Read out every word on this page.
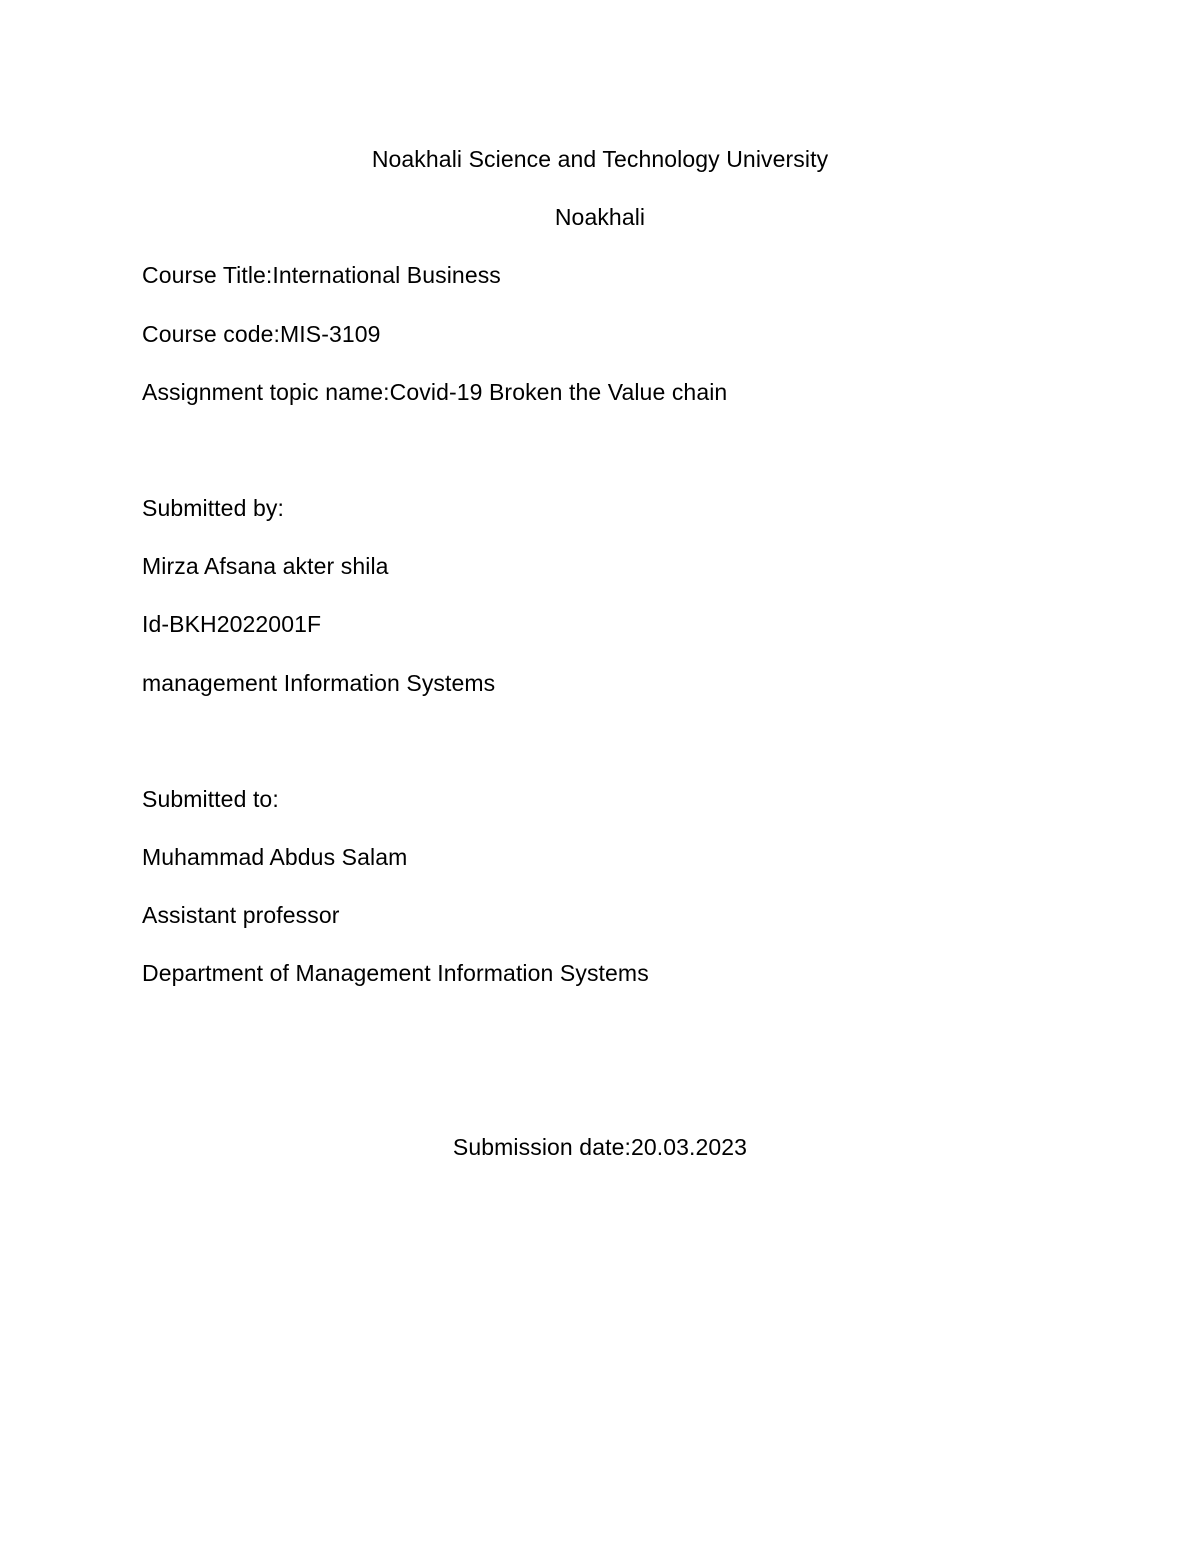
Noakhali Science and Technology University
Noakhali
Course Title:International Business
Course code:MIS-3109
Assignment topic name:Covid-19 Broken the Value chain
Submitted by:
Mirza Afsana akter shila
Id-BKH2022001F
management Information Systems
Submitted to:
Muhammad Abdus Salam
Assistant professor
Department of Management Information Systems
Submission date:20.03.2023
